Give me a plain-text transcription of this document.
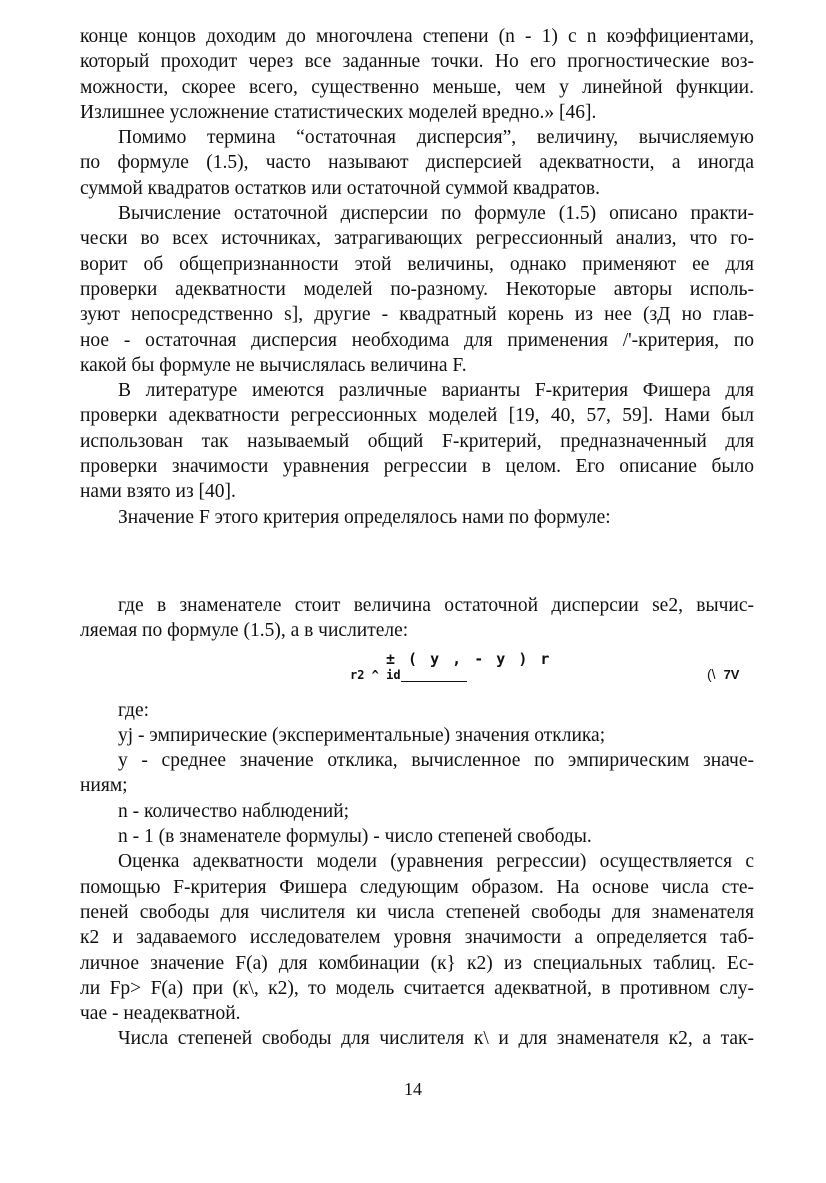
конце концов доходим до многочлена степени (n - 1) с n коэффициентами,
который проходит через все заданные точки. Но его прогностические воз-
можности, скорее всего, существенно меньше, чем у линейной функции.
Излишнее усложнение статистических моделей вредно.» [46].
Помимо термина “остаточная дисперсия”, величину, вычисляемую
по формуле (1.5), часто называют дисперсией адекватности, а иногда
суммой квадратов остатков или остаточной суммой квадратов.
Вычисление остаточной дисперсии по формуле (1.5) описано практи-
чески во всех источниках, затрагивающих регрессионный анализ, что го-
ворит об общепризнанности этой величины, однако применяют ее для
проверки адекватности моделей по-разному. Некоторые авторы исполь-
зуют непосредственно s], другие - квадратный корень из нее (зД но глав-
ное - остаточная дисперсия необходима для применения /'-критерия, по
какой бы формуле не вычислялась величина F.
В литературе имеются различные варианты F-критерия Фишера для
проверки адекватности регрессионных моделей [19, 40, 57, 59]. Нами был
использован так называемый общий F-критерий, предназначенный для
проверки значимости уравнения регрессии в целом. Его описание было
нами взято из [40].
Значение F этого критерия определялось нами по формуле:
где в знаменателе стоит величина остаточной дисперсии sе2, вычис-
ляемая по формуле (1.5), а в числителе:
± ( y , - y ) r
r2 ^ id	(\ 7V
где:
yj - эмпирические (экспериментальные) значения отклика;
у - среднее значение отклика, вычисленное по эмпирическим значе-
ниям;
n - количество наблюдений;
n - 1 (в знаменателе формулы) - число степеней свободы.
Оценка адекватности модели (уравнения регрессии) осуществляется с
помощью F-критерия Фишера следующим образом. На основе числа сте-
пеней свободы для числителя ки числа степеней свободы для знаменателя
к2 и задаваемого исследователем уровня значимости а определяется таб-
личное значение F(a) для комбинации (к} к2) из специальных таблиц. Ес-
ли Fp> F(a) при (к\, к2), то модель считается адекватной, в противном слу-
чае - неадекватной.
Числа степеней свободы для числителя к\ и для знаменателя к2, а так-
14
